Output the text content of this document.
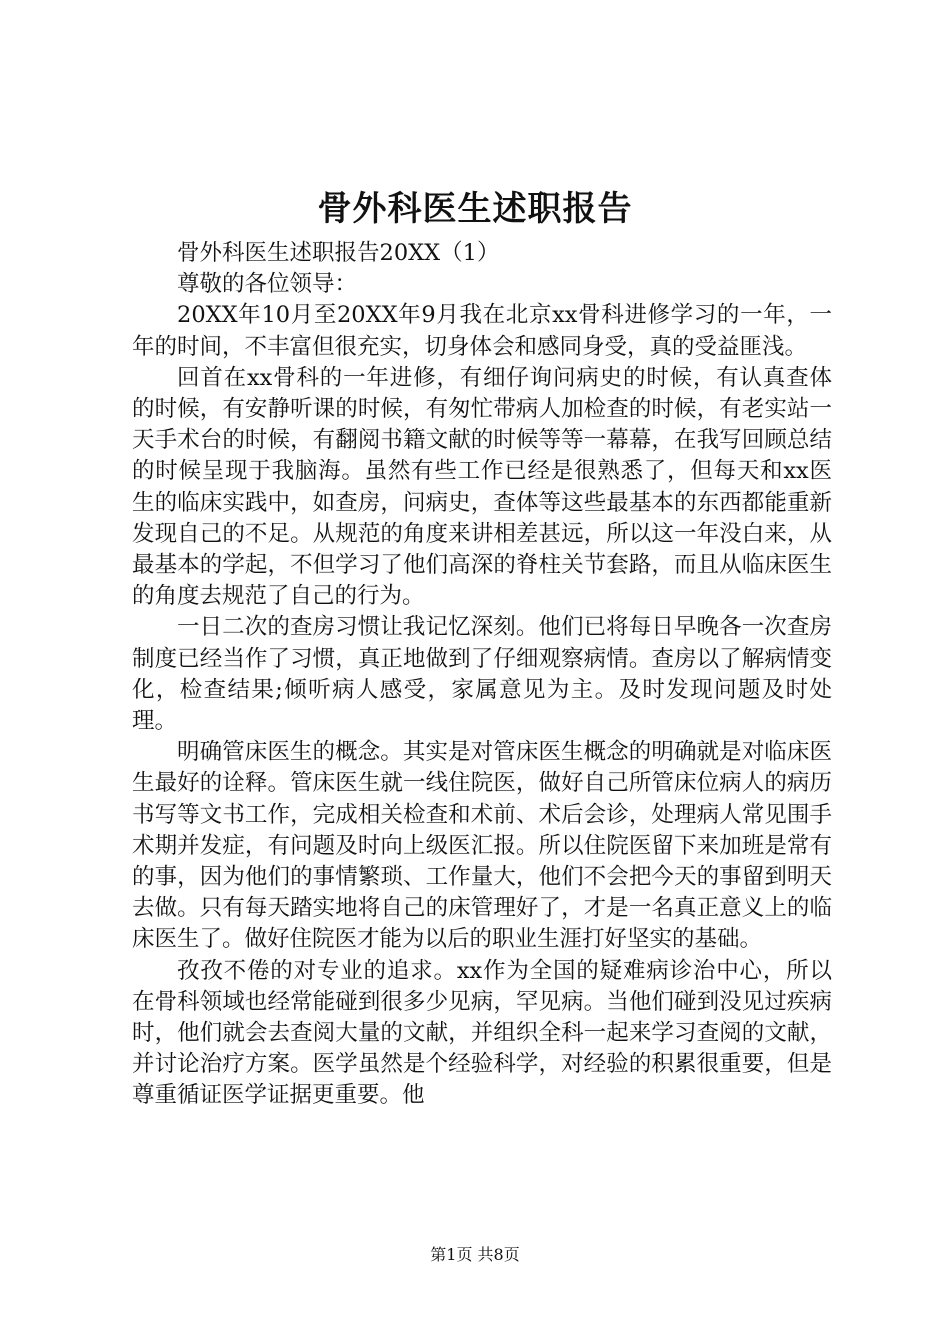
骨外科医生述职报告

骨外科医生述职报告20XX（1）

尊敬的各位领导：

20XX年10月至20XX年9月我在北京xx骨科进修学习的一年，一年的时间，不丰富但很充实，切身体会和感同身受，真的受益匪浅。

回首在xx骨科的一年进修，有细仔询问病史的时候，有认真查体的时候，有安静听课的时候，有匆忙带病人加检查的时候，有老实站一天手术台的时候，有翻阅书籍文献的时候等等一幕幕，在我写回顾总结的时候呈现于我脑海。虽然有些工作已经是很熟悉了，但每天和xx医生的临床实践中，如查房，问病史，查体等这些最基本的东西都能重新发现自己的不足。从规范的角度来讲相差甚远，所以这一年没白来，从最基本的学起，不但学习了他们高深的脊柱关节套路，而且从临床医生的角度去规范了自己的行为。

一日二次的查房习惯让我记忆深刻。他们已将每日早晚各一次查房制度已经当作了习惯，真正地做到了仔细观察病情。查房以了解病情变化，检查结果;倾听病人感受，家属意见为主。及时发现问题及时处理。

明确管床医生的概念。其实是对管床医生概念的明确就是对临床医生最好的诠释。管床医生就一线住院医，做好自己所管床位病人的病历书写等文书工作，完成相关检查和术前、术后会诊，处理病人常见围手术期并发症，有问题及时向上级医汇报。所以住院医留下来加班是常有的事，因为他们的事情繁琐、工作量大，他们不会把今天的事留到明天去做。只有每天踏实地将自己的床管理好了，才是一名真正意义上的临床医生了。做好住院医才能为以后的职业生涯打好坚实的基础。

孜孜不倦的对专业的追求。xx作为全国的疑难病诊治中心，所以在骨科领域也经常能碰到很多少见病，罕见病。当他们碰到没见过疾病时，他们就会去查阅大量的文献，并组织全科一起来学习查阅的文献，并讨论治疗方案。医学虽然是个经验科学，对经验的积累很重要，但是尊重循证医学证据更重要。他

第1页 共8页
